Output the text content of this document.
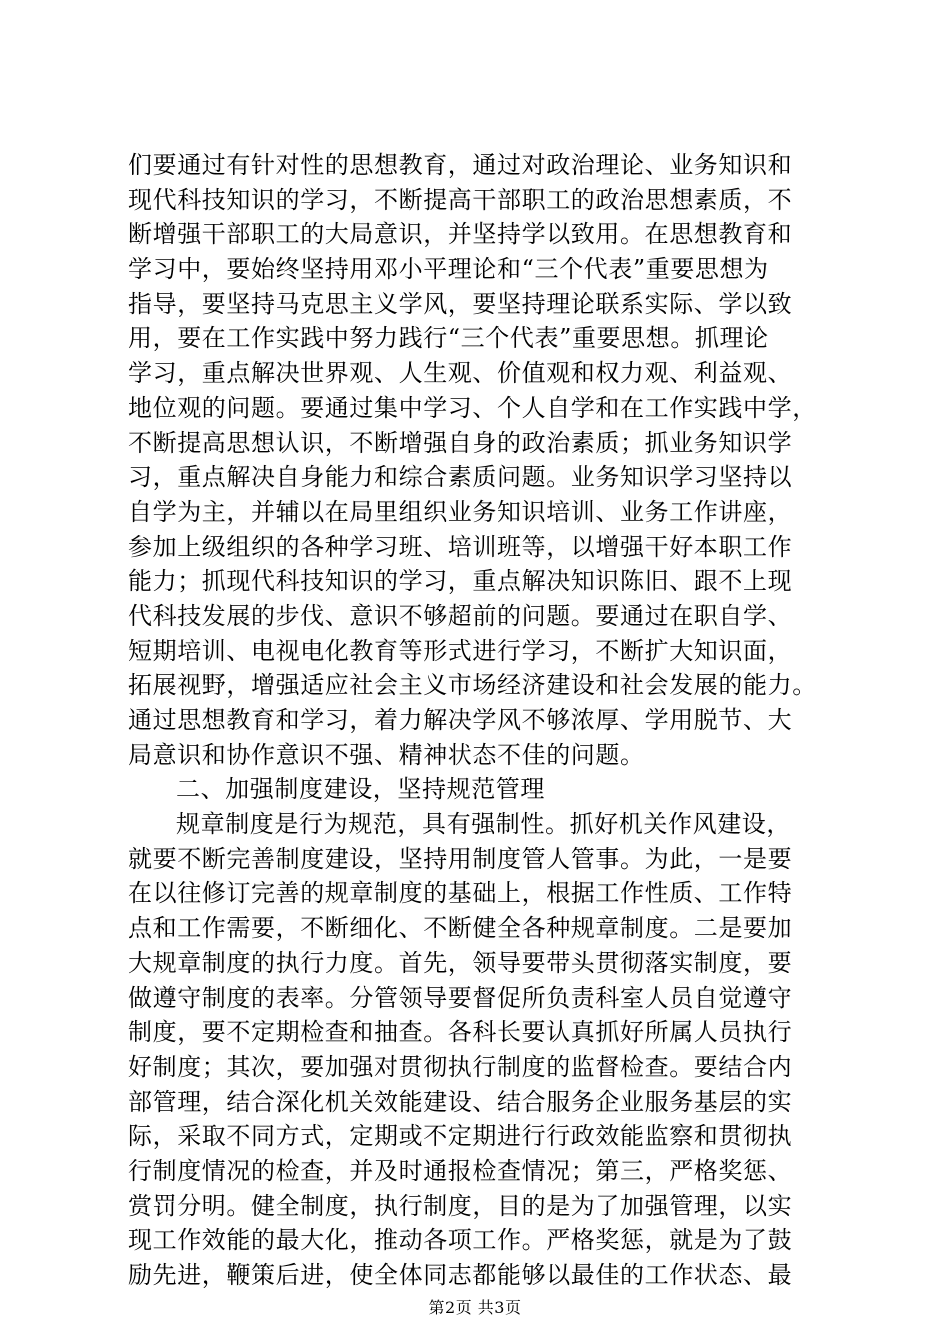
们要通过有针对性的思想教育，通过对政治理论、业务知识和
现代科技知识的学习，不断提高干部职工的政治思想素质，不
断增强干部职工的大局意识，并坚持学以致用。在思想教育和
学习中，要始终坚持用邓小平理论和“三个代表”重要思想为
指导，要坚持马克思主义学风，要坚持理论联系实际、学以致
用，要在工作实践中努力践行“三个代表”重要思想。抓理论
学习，重点解决世界观、人生观、价值观和权力观、利益观、
地位观的问题。要通过集中学习、个人自学和在工作实践中学，
不断提高思想认识，不断增强自身的政治素质；抓业务知识学
习，重点解决自身能力和综合素质问题。业务知识学习坚持以
自学为主，并辅以在局里组织业务知识培训、业务工作讲座，
参加上级组织的各种学习班、培训班等，以增强干好本职工作
能力；抓现代科技知识的学习，重点解决知识陈旧、跟不上现
代科技发展的步伐、意识不够超前的问题。要通过在职自学、
短期培训、电视电化教育等形式进行学习，不断扩大知识面，
拓展视野，增强适应社会主义市场经济建设和社会发展的能力。
通过思想教育和学习，着力解决学风不够浓厚、学用脱节、大
局意识和协作意识不强、精神状态不佳的问题。
二、加强制度建设，坚持规范管理
规章制度是行为规范，具有强制性。抓好机关作风建设，
就要不断完善制度建设，坚持用制度管人管事。为此，一是要
在以往修订完善的规章制度的基础上，根据工作性质、工作特
点和工作需要，不断细化、不断健全各种规章制度。二是要加
大规章制度的执行力度。首先，领导要带头贯彻落实制度，要
做遵守制度的表率。分管领导要督促所负责科室人员自觉遵守
制度，要不定期检查和抽查。各科长要认真抓好所属人员执行
好制度；其次，要加强对贯彻执行制度的监督检查。要结合内
部管理，结合深化机关效能建设、结合服务企业服务基层的实
际，采取不同方式，定期或不定期进行行政效能监察和贯彻执
行制度情况的检查，并及时通报检查情况；第三，严格奖惩、
赏罚分明。健全制度，执行制度，目的是为了加强管理，以实
现工作效能的最大化，推动各项工作。严格奖惩，就是为了鼓
励先进，鞭策后进，使全体同志都能够以最佳的工作状态、最
第2页 共3页
